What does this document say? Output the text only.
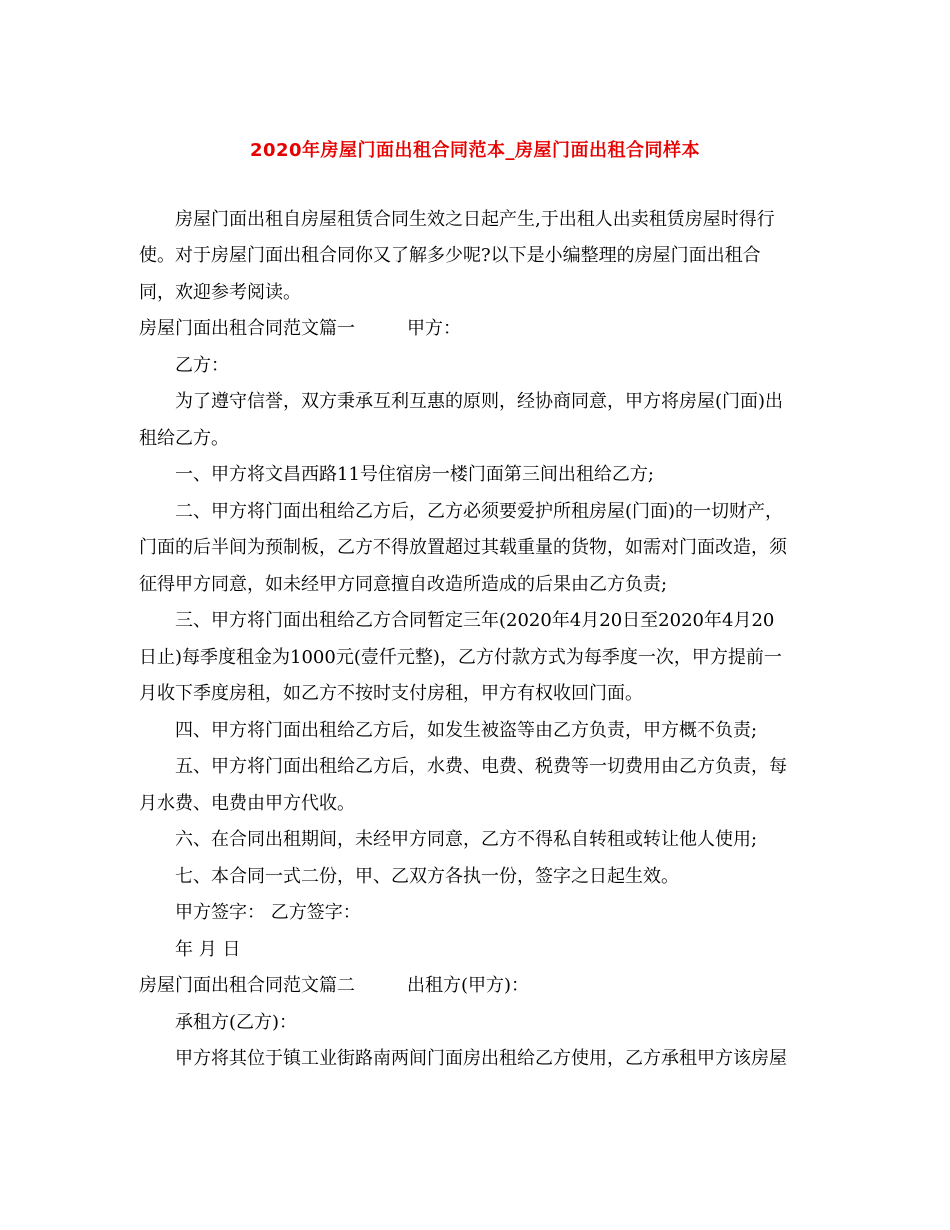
2020年房屋门面出租合同范本_房屋门面出租合同样本
房屋门面出租自房屋租赁合同生效之日起产生,于出租人出卖租赁房屋时得行
使。对于房屋门面出租合同你又了解多少呢?以下是小编整理的房屋门面出租合
同，欢迎参考阅读。
房屋门面出租合同范文篇一	甲方：
乙方：
为了遵守信誉，双方秉承互利互惠的原则，经协商同意，甲方将房屋(门面)出
租给乙方。
一、甲方将文昌西路11号住宿房一楼门面第三间出租给乙方;
二、甲方将门面出租给乙方后，乙方必须要爱护所租房屋(门面)的一切财产，
门面的后半间为预制板，乙方不得放置超过其载重量的货物，如需对门面改造，须
征得甲方同意，如未经甲方同意擅自改造所造成的后果由乙方负责;
三、甲方将门面出租给乙方合同暂定三年(2020年4月20日至2020年4月20
日止)每季度租金为1000元(壹仟元整)，乙方付款方式为每季度一次，甲方提前一
月收下季度房租，如乙方不按时支付房租，甲方有权收回门面。
四、甲方将门面出租给乙方后，如发生被盗等由乙方负责，甲方概不负责;
五、甲方将门面出租给乙方后，水费、电费、税费等一切费用由乙方负责，每
月水费、电费由甲方代收。
六、在合同出租期间，未经甲方同意，乙方不得私自转租或转让他人使用;
七、本合同一式二份，甲、乙双方各执一份，签字之日起生效。
甲方签字： 乙方签字：
年 月 日
房屋门面出租合同范文篇二	出租方(甲方)：
承租方(乙方)：
甲方将其位于镇工业街路南两间门面房出租给乙方使用，乙方承租甲方该房屋
